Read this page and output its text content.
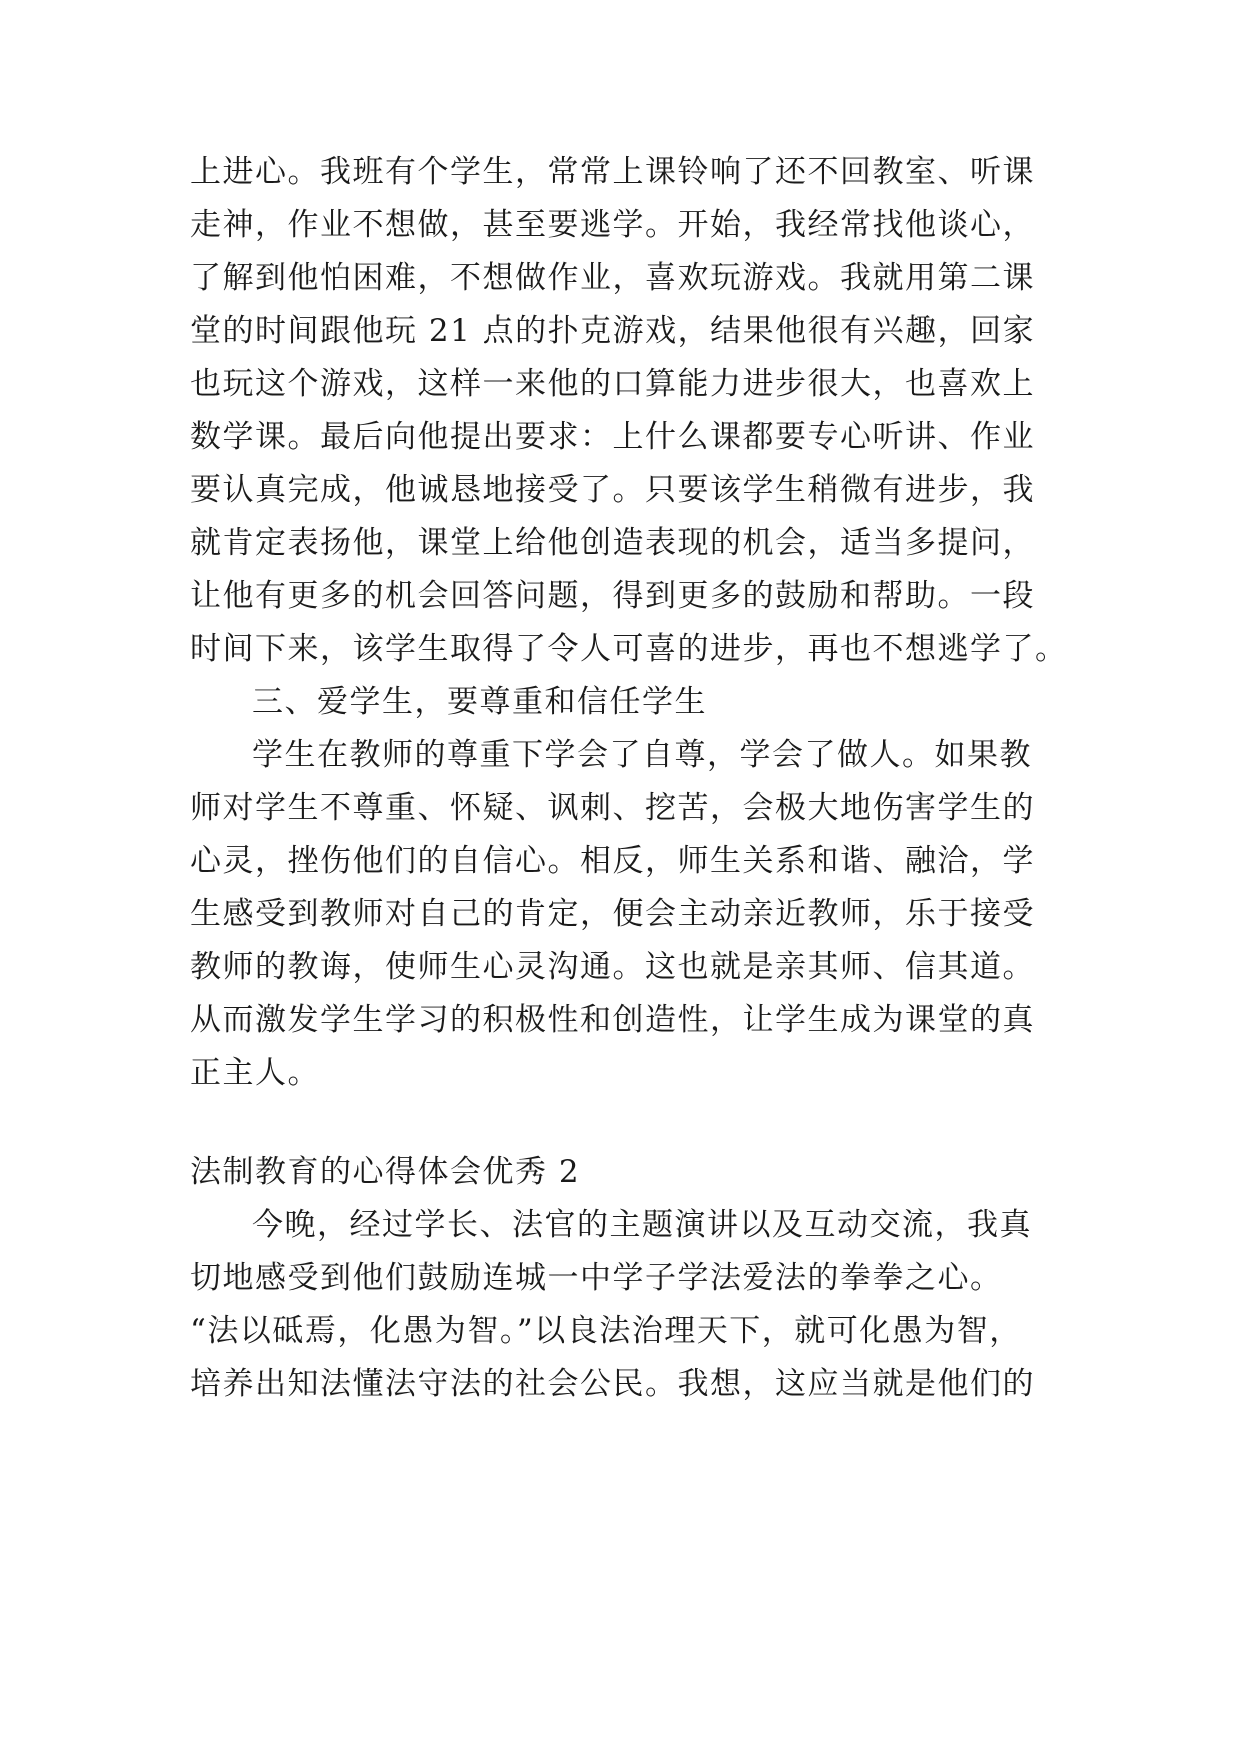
上进心。我班有个学生，常常上课铃响了还不回教室、听课
走神，作业不想做，甚至要逃学。开始，我经常找他谈心，
了解到他怕困难，不想做作业，喜欢玩游戏。我就用第二课
堂的时间跟他玩 21 点的扑克游戏，结果他很有兴趣，回家
也玩这个游戏，这样一来他的口算能力进步很大，也喜欢上
数学课。最后向他提出要求：上什么课都要专心听讲、作业
要认真完成，他诚恳地接受了。只要该学生稍微有进步，我
就肯定表扬他，课堂上给他创造表现的机会，适当多提问，
让他有更多的机会回答问题，得到更多的鼓励和帮助。一段
时间下来，该学生取得了令人可喜的进步，再也不想逃学了。
三、爱学生，要尊重和信任学生
学生在教师的尊重下学会了自尊，学会了做人。如果教
师对学生不尊重、怀疑、讽刺、挖苦，会极大地伤害学生的
心灵，挫伤他们的自信心。相反，师生关系和谐、融洽，学
生感受到教师对自己的肯定，便会主动亲近教师，乐于接受
教师的教诲，使师生心灵沟通。这也就是亲其师、信其道。
从而激发学生学习的积极性和创造性，让学生成为课堂的真
正主人。
法制教育的心得体会优秀 2
今晚，经过学长、法官的主题演讲以及互动交流，我真
切地感受到他们鼓励连城一中学子学法爱法的拳拳之心。
“法以砥焉，化愚为智。”以良法治理天下，就可化愚为智，
培养出知法懂法守法的社会公民。我想，这应当就是他们的
